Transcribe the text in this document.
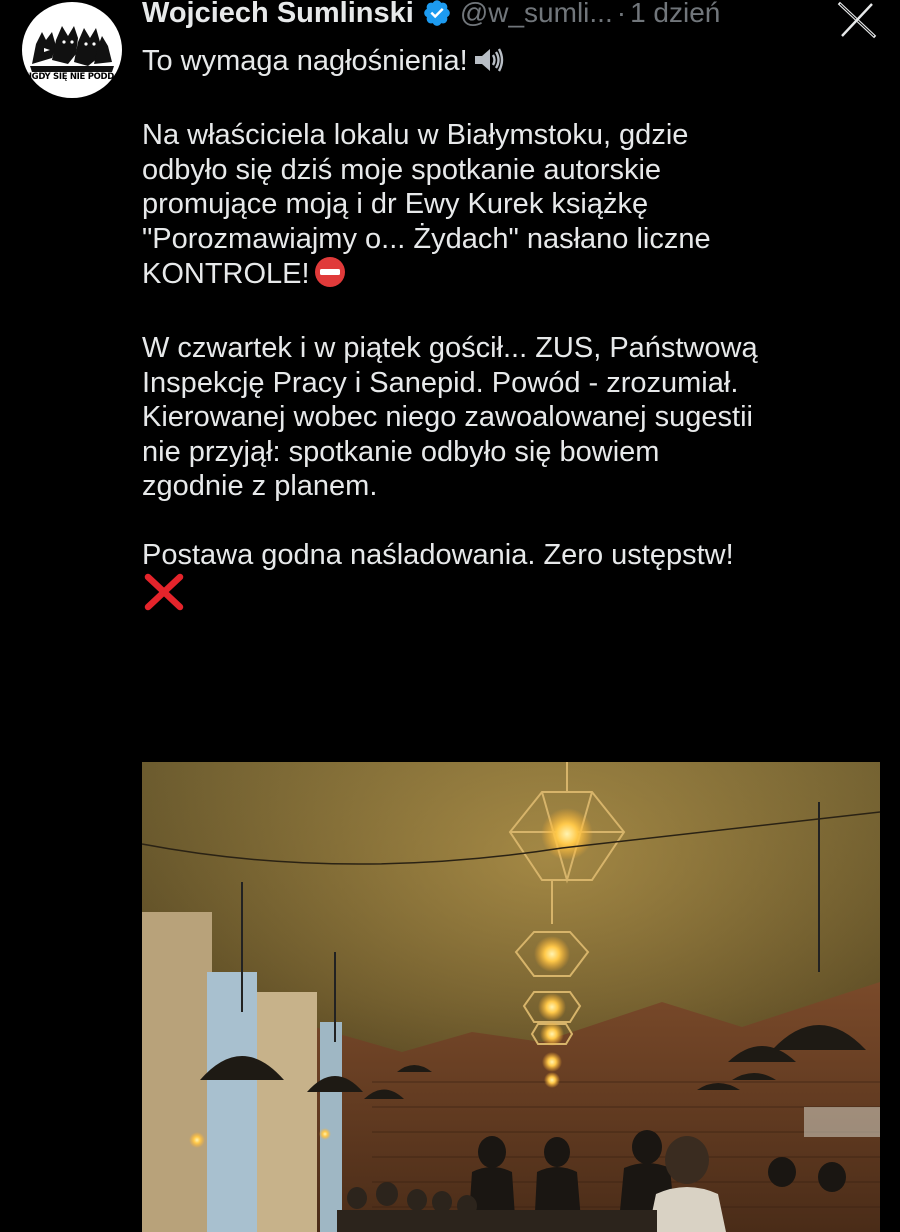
NIGDY SIĘ NIE PODDAWAJ
Wojciech Sumlinski @w_sumli... · 1 dzień

To wymaga nagłośnienia!

Na właściciela lokalu w Białymstoku, gdzie
odbyło się dziś moje spotkanie autorskie
promujące moją i dr Ewy Kurek książkę
"Porozmawiajmy o... Żydach" nasłano liczne
KONTROLE!

W czwartek i w piątek gościł... ZUS, Państwową
Inspekcję Pracy i Sanepid. Powód - zrozumiał.
Kierowanej wobec niego zawoalowanej sugestii
nie przyjął: spotkanie odbyło się bowiem
zgodnie z planem.

Postawa godna naśladowania. Zero ustępstw!
